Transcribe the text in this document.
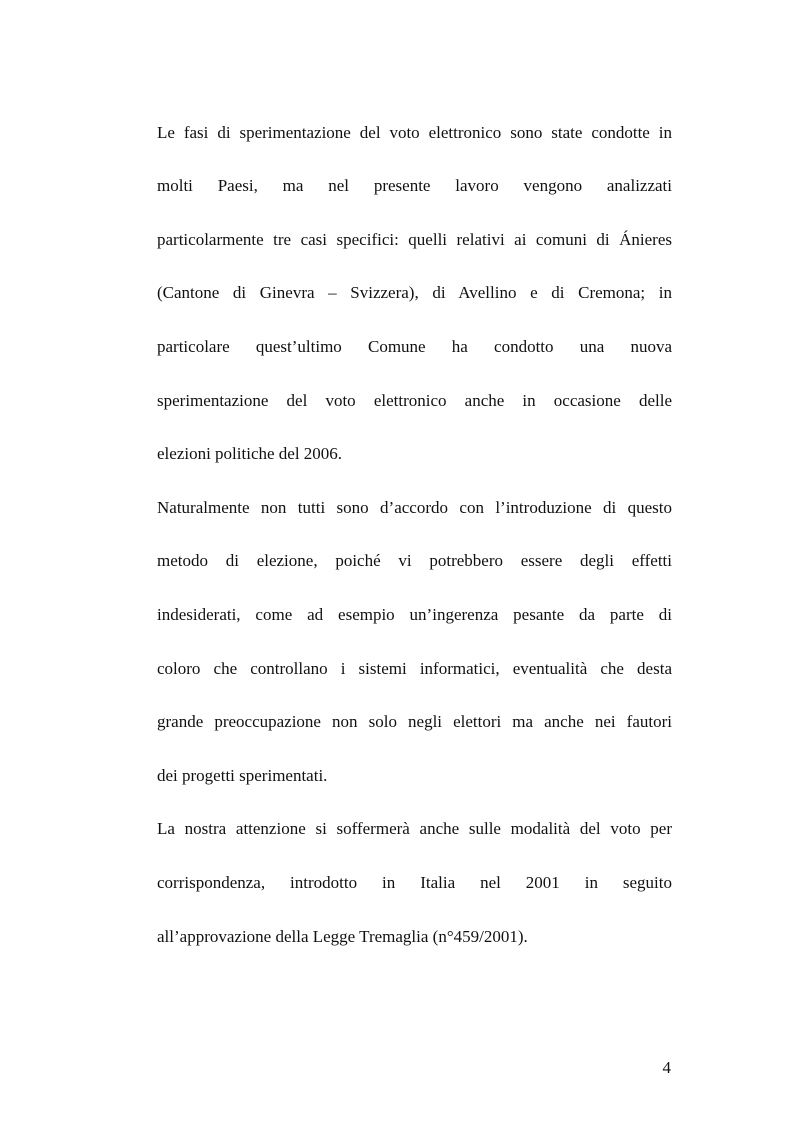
Le fasi di sperimentazione del voto elettronico sono state condotte in
molti Paesi, ma nel presente lavoro vengono analizzati
particolarmente tre casi specifici: quelli relativi ai comuni di Ánieres
(Cantone di Ginevra – Svizzera), di Avellino e di Cremona; in
particolare quest’ultimo Comune ha condotto una nuova
sperimentazione del voto elettronico anche in occasione delle
elezioni politiche del 2006.
Naturalmente non tutti sono d’accordo con l’introduzione di questo
metodo di elezione, poiché vi potrebbero essere degli effetti
indesiderati, come ad esempio un’ingerenza pesante da parte di
coloro che controllano i sistemi informatici, eventualità che desta
grande preoccupazione non solo negli elettori ma anche nei fautori
dei progetti sperimentati.
La nostra attenzione si soffermerà anche sulle modalità del voto per
corrispondenza, introdotto in Italia nel 2001 in seguito
all’approvazione della Legge Tremaglia (n°459/2001).
4
